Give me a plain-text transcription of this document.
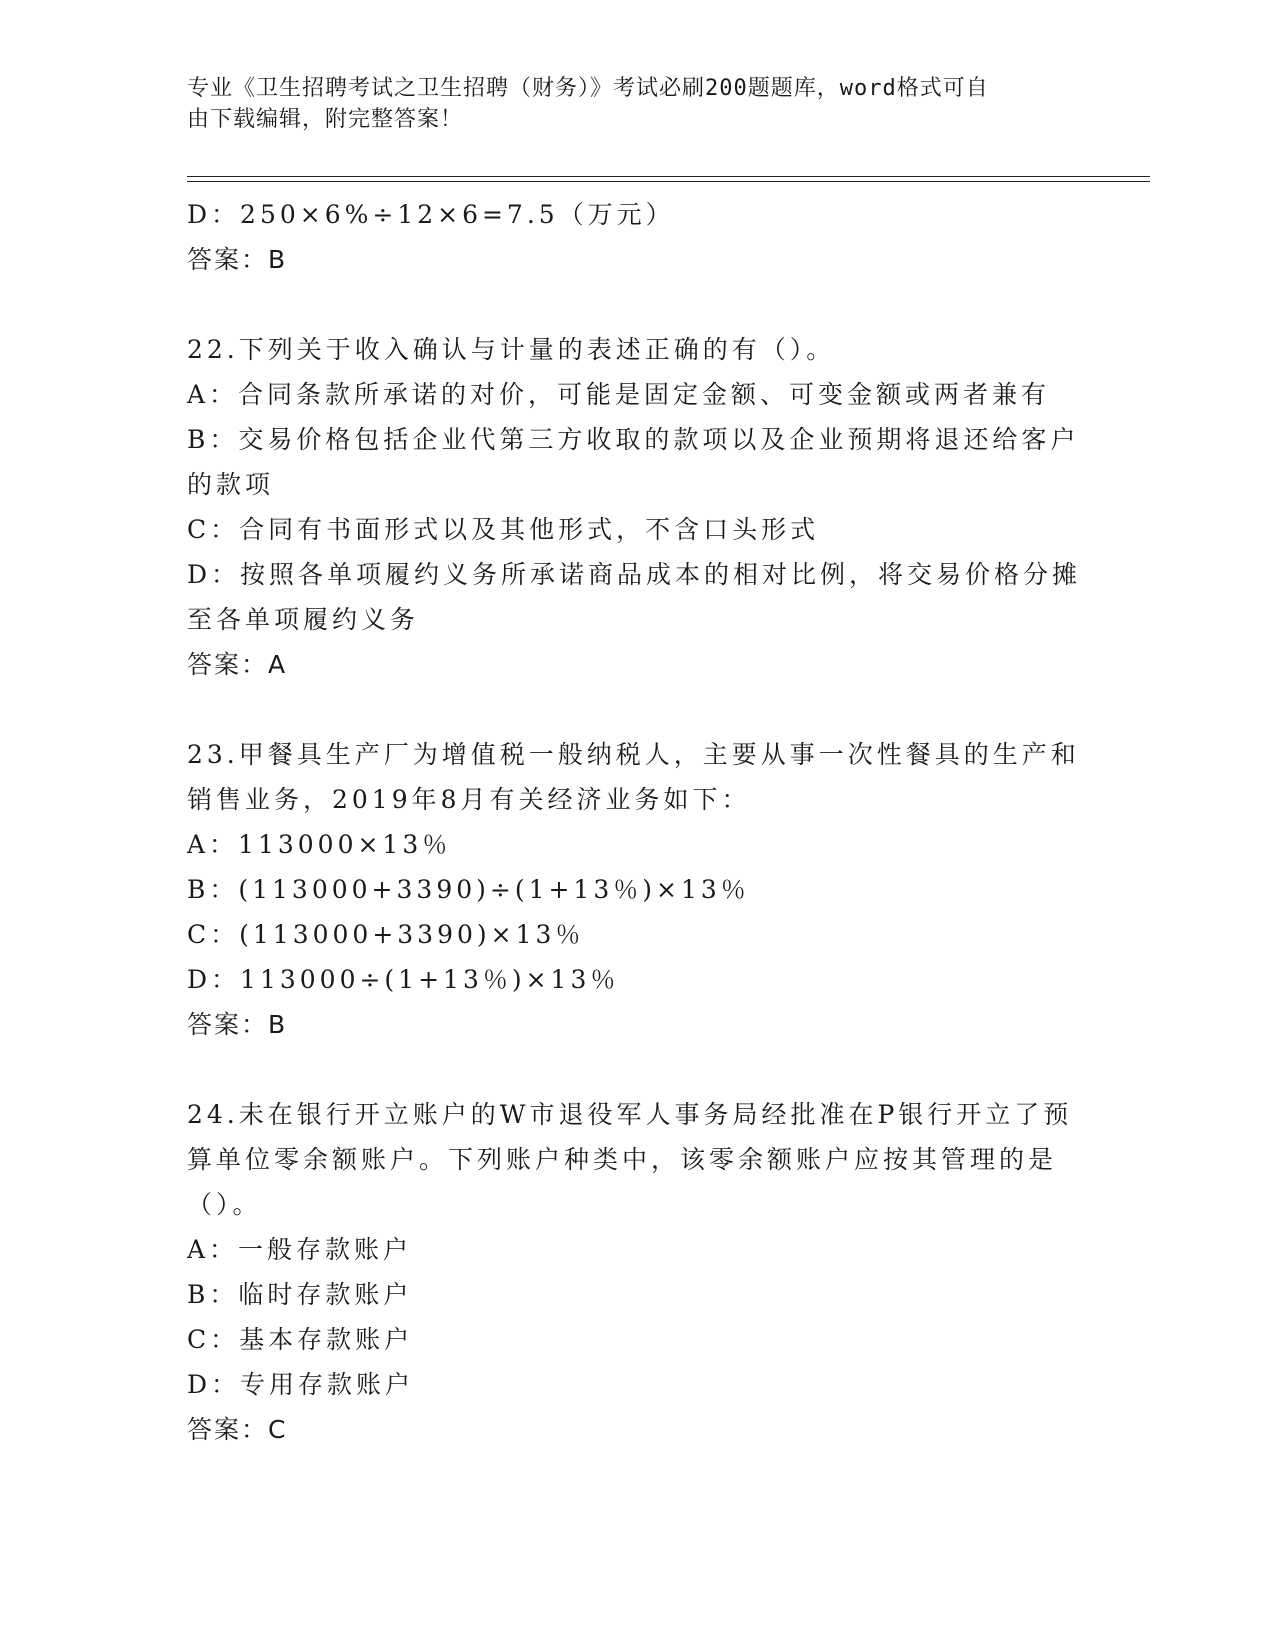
专业《卫生招聘考试之卫生招聘（财务）》考试必刷200题题库，word格式可自
由下载编辑，附完整答案！
D：250×6%÷12×6=7.5（万元）
答案：B
22.下列关于收入确认与计量的表述正确的有（）。
A：合同条款所承诺的对价，可能是固定金额、可变金额或两者兼有
B：交易价格包括企业代第三方收取的款项以及企业预期将退还给客户
的款项
C：合同有书面形式以及其他形式，不含口头形式
D：按照各单项履约义务所承诺商品成本的相对比例，将交易价格分摊
至各单项履约义务
答案：A
23.甲餐具生产厂为增值税一般纳税人，主要从事一次性餐具的生产和
销售业务，2019年8月有关经济业务如下：
A：113000×13％
B：(113000+3390)÷(1+13％)×13％
C：(113000+3390)×13％
D：113000÷(1+13％)×13％
答案：B
24.未在银行开立账户的W市退役军人事务局经批准在P银行开立了预
算单位零余额账户。下列账户种类中，该零余额账户应按其管理的是
（）。
A：一般存款账户
B：临时存款账户
C：基本存款账户
D：专用存款账户
答案：C
